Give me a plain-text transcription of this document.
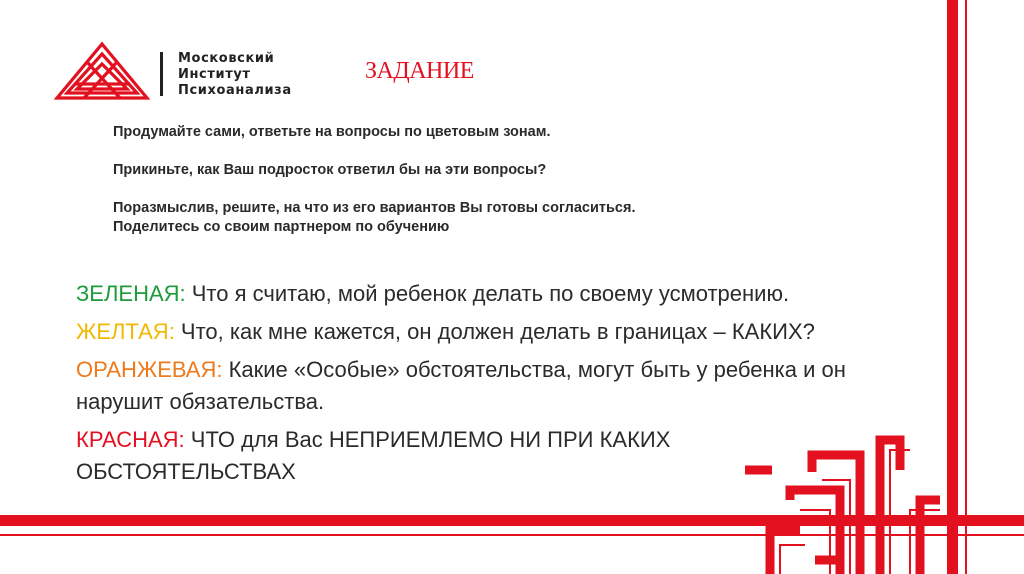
Московский
Институт
Психоанализа
ЗАДАНИЕ

Продумайте сами, ответьте на вопросы по цветовым зонам.

Прикиньте, как Ваш подросток ответил бы на эти вопросы?

Поразмыслив, решите, на что из его вариантов Вы готовы согласиться.

Поделитесь со своим партнером по обучению

ЗЕЛЕНАЯ: Что я считаю, мой ребенок делать по своему усмотрению.

ЖЕЛТАЯ: Что, как мне кажется, он должен делать в границах – КАКИХ?

ОРАНЖЕВАЯ: Какие «Особые» обстоятельства, могут быть у ребенка и он нарушит обязательства.

КРАСНАЯ: ЧТО для Вас НЕПРИЕМЛЕМО НИ ПРИ КАКИХ ОБСТОЯТЕЛЬСТВАХ
